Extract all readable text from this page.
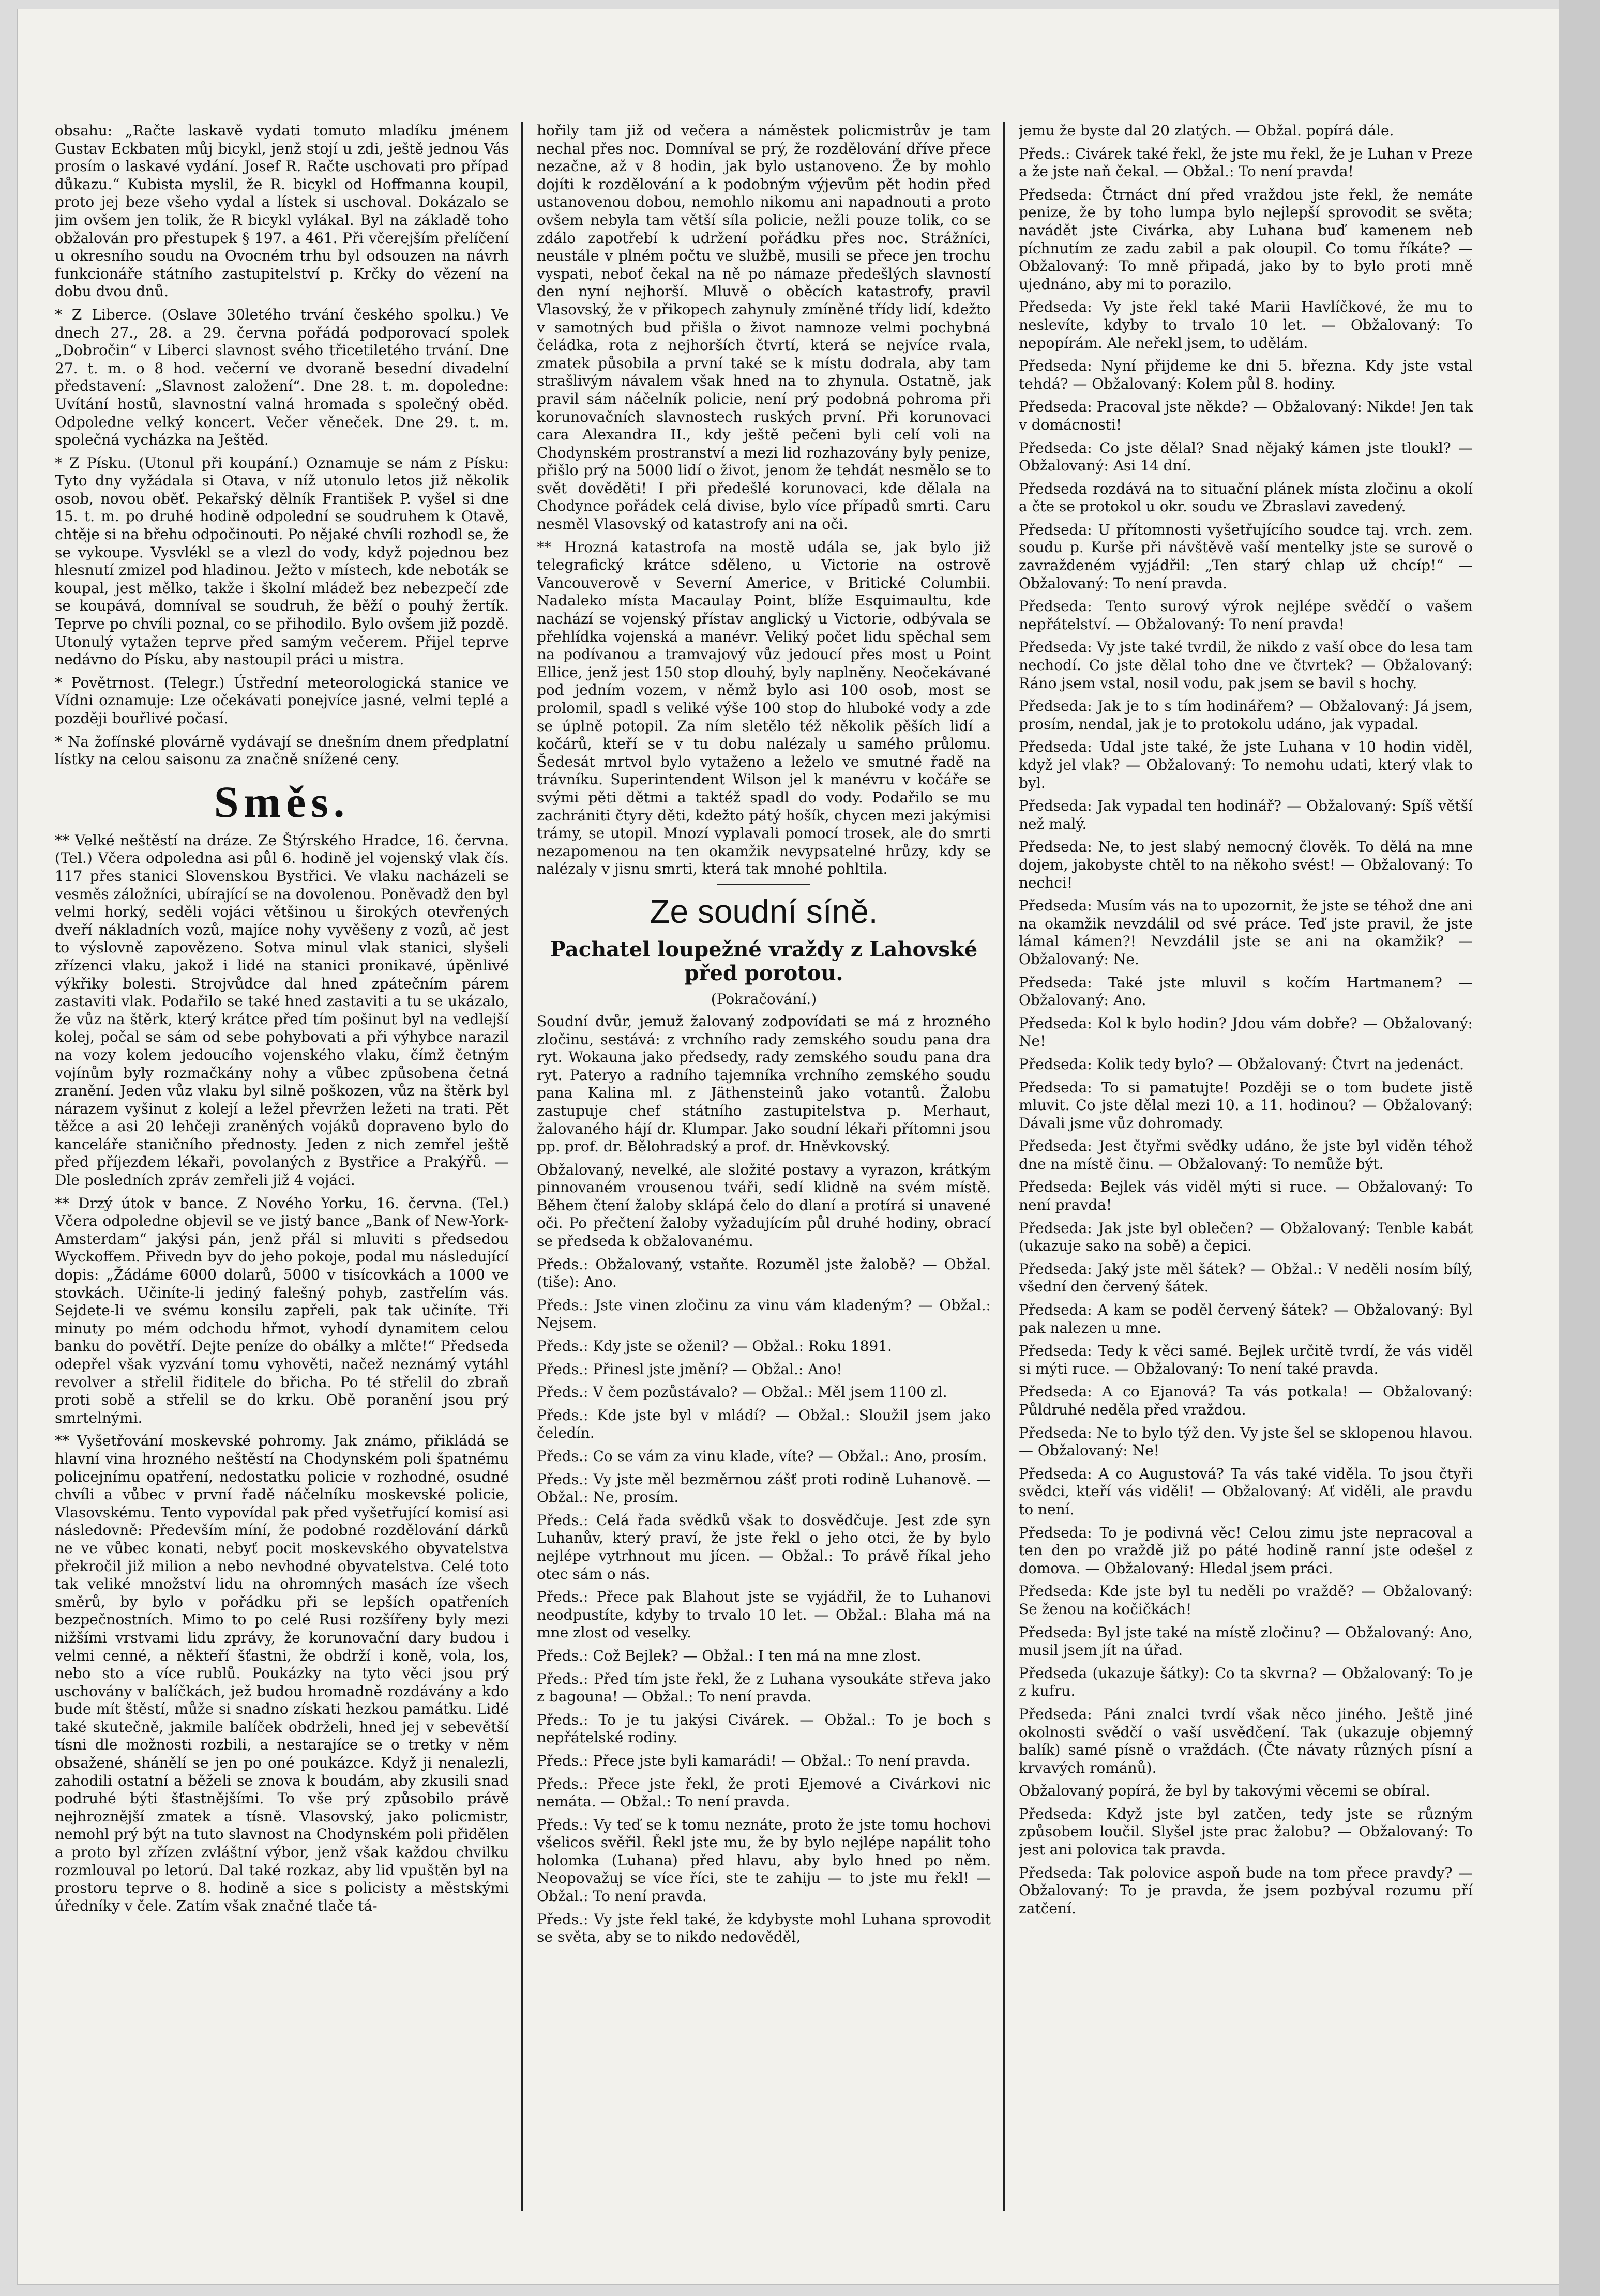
obsahu: „Račte laskavě vydati tomuto mladíku jménem Gustav Eckbaten můj bicykl, jenž stojí u zdi, ještě jednou Vás prosím o laskavé vydání. Josef R. Račte uschovati pro případ důkazu.“ Kubista myslil, že R. bicykl od Hoffmanna koupil, proto jej beze všeho vydal a lístek si uschoval. Dokázalo se jim ovšem jen tolik, že R bicykl vylákal. Byl na základě toho obžalován pro přestupek § 197. a 461. Při včerejším přelíčení u okresního soudu na Ovocném trhu byl odsouzen na návrh funkcionáře státního zastupitelství p. Krčky do vězení na dobu dvou dnů.

* Z Liberce. (Oslave 30letého trvání českého spolku.) Ve dnech 27., 28. a 29. června pořádá podporovací spolek „Dobročin“ v Liberci slavnost svého třicetiletého trvání. Dne 27. t. m. o 8 hod. večerní ve dvoraně besední divadelní představení: „Slavnost založení“. Dne 28. t. m. dopoledne: Uvítání hostů, slavnostní valná hromada s společný oběd. Odpoledne velký koncert. Večer věneček. Dne 29. t. m. společná vycházka na Ještěd.

* Z Písku. (Utonul při koupání.) Oznamuje se nám z Písku: Tyto dny vyžádala si Otava, v níž utonulo letos již několik osob, novou oběť. Pekařský dělník František P. vyšel si dne 15. t. m. po druhé hodině odpolední se soudruhem k Otavě, chtěje si na břehu odpočinouti. Po nějaké chvíli rozhodl se, že se vykoupe. Vysvlékl se a vlezl do vody, když pojednou bez hlesnutí zmizel pod hladinou. Ježto v místech, kde neboták se koupal, jest mělko, takže i školní mládež bez nebezpečí zde se koupává, domníval se soudruh, že běží o pouhý žertík. Teprve po chvíli poznal, co se přihodilo. Bylo ovšem již pozdě. Utonulý vytažen teprve před samým večerem. Přijel teprve nedávno do Písku, aby nastoupil práci u mistra.

* Povětrnost. (Telegr.) Ústřední meteorologická stanice ve Vídni oznamuje: Lze očekávati ponejvíce jasné, velmi teplé a později bouřlivé počasí.

* Na žofínské plovárně vydávají se dnešním dnem předplatní lístky na celou saisonu za značně snížené ceny.

Směs.

** Velké neštěstí na dráze. Ze Štýrského Hradce, 16. června. (Tel.) Včera odpoledna asi půl 6. hodině jel vojenský vlak čís. 117 přes stanici Slovenskou Bystřici. Ve vlaku nacházeli se vesměs záložníci, ubírající se na dovolenou. Poněvadž den byl velmi horký, seděli vojáci většinou u širokých otevřených dveří nákladních vozů, majíce nohy vyvěšeny z vozů, ač jest to výslovně zapovězeno. Sotva minul vlak stanici, slyšeli zřízenci vlaku, jakož i lidé na stanici pronikavé, úpěnlivé výkřiky bolesti. Strojvůdce dal hned zpátečním párem zastaviti vlak. Podařilo se také hned zastaviti a tu se ukázalo, že vůz na štěrk, který krátce před tím pošinut byl na vedlejší kolej, počal se sám od sebe pohybovati a při výhybce narazil na vozy kolem jedoucího vojenského vlaku, čímž četným vojínům byly rozmačkány nohy a vůbec způsobena četná zranění. Jeden vůz vlaku byl silně poškozen, vůz na štěrk byl nárazem vyšinut z kolejí a ležel převržen ležeti na trati. Pět těžce a asi 20 lehčeji zraněných vojáků dopraveno bylo do kanceláře staničního přednosty. Jeden z nich zemřel ještě před příjezdem lékaři, povolaných z Bystřice a Prakýřů. — Dle posledních zpráv zemřeli již 4 vojáci.

** Drzý útok v bance. Z Nového Yorku, 16. června. (Tel.) Včera odpoledne objevil se ve jistý bance „Bank of New-York-Amsterdam“ jakýsi pán, jenž přál si mluviti s předsedou Wyckoffem. Přivedn byv do jeho pokoje, podal mu následující dopis: „Žádáme 6000 dolarů, 5000 v tisícovkách a 1000 ve stovkách. Učiníte-li jediný falešný pohyb, zastřelím vás. Sejdete-li ve svému konsilu zapřeli, pak tak učiníte. Tři minuty po mém odchodu hřmot, vyhodí dynamitem celou banku do povětří. Dejte peníze do obálky a mlčte!“ Předseda odepřel však vyzvání tomu vyhověti, načež neznámý vytáhl revolver a střelil řiditele do břicha. Po té střelil do zbraň proti sobě a střelil se do krku. Obě poranění jsou prý smrtelnými.

** Vyšetřování moskevské pohromy. Jak známo, přikládá se hlavní vina hrozného neštěstí na Chodynském poli špatnému policejnímu opatření, nedostatku policie v rozhodné, osudné chvíli a vůbec v první řadě náčelníku moskevské policie, Vlasovskému. Tento vypovídal pak před vyšetřující komisí asi následovně: Především míní, že podobné rozdělování dárků ne ve vůbec konati, nebyť pocit moskevského obyvatelstva překročil již milion a nebo nevhodné obyvatelstva. Celé toto tak veliké množství lidu na ohromných masách íze všech směrů, by bylo v pořádku při se lepších opatřeních bezpečnostních. Mimo to po celé Rusi rozšířeny byly mezi nižšími vrstvami lidu zprávy, že korunovační dary budou i velmi cenné, a někteří šťastni, že obdrží i koně, vola, los, nebo sto a více rublů. Poukázky na tyto věci jsou prý uschovány v balíčkách, jež budou hromadně rozdávány a kdo bude mít štěstí, může si snadno získati hezkou památku. Lidé také skutečně, jakmile balíček obdrželi, hned jej v sebevětší tísni dle možnosti rozbili, a nestarajíce se o tretky v něm obsažené, shánělí se jen po oné poukázce. Když ji nenalezli, zahodili ostatní a běželi se znova k boudám, aby zkusili snad podruhé býti šťastnějšími. To vše prý způsobilo právě nejhroznější zmatek a tísně. Vlasovský, jako policmistr, nemohl prý být na tuto slavnost na Chodynském poli přidělen a proto byl zřízen zvláštní výbor, jenž však každou chvilku rozmlouval po letorú. Dal také rozkaz, aby lid vpuštěn byl na prostoru teprve o 8. hodině a sice s policisty a městskými úředníky v čele. Zatím však značné tlače tá-

hořily tam již od večera a náměstek policmistrův je tam nechal přes noc. Domníval se prý, že rozdělování dříve přece nezačne, až v 8 hodin, jak bylo ustanoveno. Že by mohlo dojíti k rozdělování a k podobným výjevům pět hodin před ustanovenou dobou, nemohlo nikomu ani napadnouti a proto ovšem nebyla tam větší síla policie, nežli pouze tolik, co se zdálo zapotřebí k udržení pořádku přes noc. Strážníci, neustále v plném počtu ve službě, musili se přece jen trochu vyspati, neboť čekal na ně po námaze předešlých slavností den nyní nejhorší. Mluvě o oběcích katastrofy, pravil Vlasovský, že v přikopech zahynuly zmíněné třídy lidí, kdežto v samotných bud přišla o život namnoze velmi pochybná čeládka, rota z nejhorších čtvrtí, která se nejvíce rvala, zmatek působila a první také se k místu dodrala, aby tam strašlivým návalem však hned na to zhynula. Ostatně, jak pravil sám náčelník policie, není prý podobná pohroma při korunovačních slavnostech ruských první. Při korunovaci cara Alexandra II., kdy ještě pečeni byli celí voli na Chodynském prostranství a mezi lid rozhazovány byly penize, přišlo prý na 5000 lidí o život, jenom že tehdát nesmělo se to svět dověděti! I při předešlé korunovaci, kde dělala na Chodynce pořádek celá divise, bylo více případů smrti. Caru nesměl Vlasovský od katastrofy ani na oči.

** Hrozná katastrofa na mostě udála se, jak bylo již telegrafický krátce sděleno, u Victorie na ostrově Vancouverově v Severní Americe, v Britické Columbii. Nadaleko místa Macaulay Point, blíže Esquimaultu, kde nachází se vojenský přístav anglický u Victorie, odbývala se přehlídka vojenská a manévr. Veliký počet lidu spěchal sem na podívanou a tramvajový vůz jedoucí přes most u Point Ellice, jenž jest 150 stop dlouhý, byly naplněny. Neočekávané pod jedním vozem, v němž bylo asi 100 osob, most se prolomil, spadl s veliké výše 100 stop do hluboké vody a zde se úplně potopil. Za ním sletělo též několik pěších lidí a kočárů, kteří se v tu dobu nalézaly u samého průlomu. Šedesát mrtvol bylo vytaženo a leželo ve smutné řadě na trávníku. Superintendent Wilson jel k manévru v kočáře se svými pěti dětmi a taktéž spadl do vody. Podařilo se mu zachrániti čtyry děti, kdežto pátý hošík, chycen mezi jakýmisi trámy, se utopil. Mnozí vyplavali pomocí trosek, ale do smrti nezapomenou na ten okamžik nevypsatelné hrůzy, kdy se nalézaly v jisnu smrti, která tak mnohé pohltila.

Ze soudní síně.
Pachatel loupežné vraždy z Lahovské před porotou.
(Pokračování.)

Soudní dvůr, jemuž žalovaný zodpovídati se má z hrozného zločinu, sestává: z vrchního rady zemského soudu pana dra ryt. Wokauna jako předsedy, rady zemského soudu pana dra ryt. Pateryo a radního tajemníka vrchního zemského soudu pana Kalina ml. z Jäthensteinů jako votantů. Žalobu zastupuje chef státního zastupitelstva p. Merhaut, žalovaného hájí dr. Klumpar. Jako soudní lékaři přítomni jsou pp. prof. dr. Bělohradský a prof. dr. Hněvkovský.

Obžalovaný, nevelké, ale složité postavy a vyrazon, krátkým pinnovaném vrousenou tváři, sedí klidně na svém místě. Během čtení žaloby sklápá čelo do dlaní a protírá si unavené oči. Po přečtení žaloby vyžadujícím půl druhé hodiny, obrací se předseda k obžalovanému.

Předs.: Obžalovaný, vstaňte. Rozuměl jste žalobě? — Obžal. (tiše): Ano.

Předs.: Jste vinen zločinu za vinu vám kladeným? — Obžal.: Nejsem.

Předs.: Kdy jste se oženil? — Obžal.: Roku 1891.

Předs.: Přinesl jste jmění? — Obžal.: Ano!

Předs.: V čem pozůstávalo? — Obžal.: Měl jsem 1100 zl.

Předs.: Kde jste byl v mládí? — Obžal.: Sloužil jsem jako čeledín.

Předs.: Co se vám za vinu klade, víte? — Obžal.: Ano, prosím.

Předs.: Vy jste měl bezměrnou zášť proti rodině Luhanově. — Obžal.: Ne, prosím.

Předs.: Celá řada svědků však to dosvědčuje. Jest zde syn Luhanův, který praví, že jste řekl o jeho otci, že by bylo nejlépe vytrhnout mu jícen. — Obžal.: To právě říkal jeho otec sám o nás.

Předs.: Přece pak Blahout jste se vyjádřil, že to Luhanovi neodpustíte, kdyby to trvalo 10 let. — Obžal.: Blaha má na mne zlost od veselky.

Předs.: Což Bejlek? — Obžal.: I ten má na mne zlost.

Předs.: Před tím jste řekl, že z Luhana vysoukáte střeva jako z bagouna! — Obžal.: To není pravda.

Předs.: To je tu jakýsi Civárek. — Obžal.: To je boch s nepřátelské rodiny.

Předs.: Přece jste byli kamarádi! — Obžal.: To není pravda.

Předs.: Přece jste řekl, že proti Ejemové a Civárkovi nic nemáta. — Obžal.: To není pravda.

Předs.: Vy teď se k tomu neznáte, proto že jste tomu hochovi všelicos svěřil. Řekl jste mu, že by bylo nejlépe napálit toho holomka (Luhana) před hlavu, aby bylo hned po něm. Neopovažuj se více říci, ste te zahiju — to jste mu řekl! — Obžal.: To není pravda.

Předs.: Vy jste řekl také, že kdybyste mohl Luhana sprovodit se světa, aby se to nikdo nedověděl,

jemu že byste dal 20 zlatých. — Obžal. popírá dále.

Předs.: Civárek také řekl, že jste mu řekl, že je Luhan v Preze a že jste naň čekal. — Obžal.: To není pravda!

Předseda: Čtrnáct dní před vraždou jste řekl, že nemáte penize, že by toho lumpa bylo nejlepší sprovodit se světa; navádět jste Civárka, aby Luhana buď kamenem neb píchnutím ze zadu zabil a pak oloupil. Co tomu říkáte? — Obžalovaný: To mně připadá, jako by to bylo proti mně ujednáno, aby mi to porazilo.

Předseda: Vy jste řekl také Marii Havlíčkové, že mu to neslevíte, kdyby to trvalo 10 let. — Obžalovaný: To nepopírám. Ale neřekl jsem, to udělám.

Předseda: Nyní přijdeme ke dni 5. března. Kdy jste vstal tehdá? — Obžalovaný: Kolem půl 8. hodiny.

Předseda: Pracoval jste někde? — Obžalovaný: Nikde! Jen tak v domácnosti!

Předseda: Co jste dělal? Snad nějaký kámen jste tloukl? — Obžalovaný: Asi 14 dní.

Předseda rozdává na to situační plánek místa zločinu a okolí a čte se protokol u okr. soudu ve Zbraslavi zavedený.

Předseda: U přítomnosti vyšetřujícího soudce taj. vrch. zem. soudu p. Kurše při návštěvě vaší mentelky jste se surově o zavraždeném vyjádřil: „Ten starý chlap už chcíp!“ — Obžalovaný: To není pravda.

Předseda: Tento surový výrok nejlépe svědčí o vašem nepřátelství. — Obžalovaný: To není pravda!

Předseda: Vy jste také tvrdil, že nikdo z vaší obce do lesa tam nechodí. Co jste dělal toho dne ve čtvrtek? — Obžalovaný: Ráno jsem vstal, nosil vodu, pak jsem se bavil s hochy.

Předseda: Jak je to s tím hodinářem? — Obžalovaný: Já jsem, prosím, nendal, jak je to protokolu udáno, jak vypadal.

Předseda: Udal jste také, že jste Luhana v 10 hodin viděl, když jel vlak? — Obžalovaný: To nemohu udati, který vlak to byl.

Předseda: Jak vypadal ten hodinář? — Obžalovaný: Spíš větší než malý.

Předseda: Ne, to jest slabý nemocný člověk. To dělá na mne dojem, jakobyste chtěl to na někoho svést! — Obžalovaný: To nechci!

Předseda: Musím vás na to upozornit, že jste se téhož dne ani na okamžik nevzdálil od své práce. Teď jste pravil, že jste lámal kámen?! Nevzdálil jste se ani na okamžik? — Obžalovaný: Ne.

Předseda: Také jste mluvil s kočím Hartmanem? — Obžalovaný: Ano.

Předseda: Kol k bylo hodin? Jdou vám dobře? — Obžalovaný: Ne!

Předseda: Kolik tedy bylo? — Obžalovaný: Čtvrt na jedenáct.

Předseda: To si pamatujte! Později se o tom budete jistě mluvit. Co jste dělal mezi 10. a 11. hodinou? — Obžalovaný: Dávali jsme vůz dohromady.

Předseda: Jest čtyřmi svědky udáno, že jste byl viděn téhož dne na místě činu. — Obžalovaný: To nemůže být.

Předseda: Bejlek vás viděl mýti si ruce. — Obžalovaný: To není pravda!

Předseda: Jak jste byl oblečen? — Obžalovaný: Tenble kabát (ukazuje sako na sobě) a čepici.

Předseda: Jaký jste měl šátek? — Obžal.: V neděli nosím bílý, všední den červený šátek.

Předseda: A kam se poděl červený šátek? — Obžalovaný: Byl pak nalezen u mne.

Předseda: Tedy k věci samé. Bejlek určitě tvrdí, že vás viděl si mýti ruce. — Obžalovaný: To není také pravda.

Předseda: A co Ejanová? Ta vás potkala! — Obžalovaný: Půldruhé neděla před vraždou.

Předseda: Ne to bylo týž den. Vy jste šel se sklopenou hlavou. — Obžalovaný: Ne!

Předseda: A co Augustová? Ta vás také viděla. To jsou čtyři svědci, kteří vás viděli! — Obžalovaný: Ať viděli, ale pravdu to není.

Předseda: To je podivná věc! Celou zimu jste nepracoval a ten den po vraždě již po páté hodině ranní jste odešel z domova. — Obžalovaný: Hledal jsem práci.

Předseda: Kde jste byl tu neděli po vraždě? — Obžalovaný: Se ženou na kočičkách!

Předseda: Byl jste také na místě zločinu? — Obžalovaný: Ano, musil jsem jít na úřad.

Předseda (ukazuje šátky): Co ta skvrna? — Obžalovaný: To je z kufru.

Předseda: Páni znalci tvrdí však něco jiného. Ještě jiné okolnosti svědčí o vaší usvědčení. Tak (ukazuje objemný balík) samé písně o vraždách. (Čte návaty různých písní a krvavých románů).

Obžalovaný popírá, že byl by takovými věcemi se obíral.

Předseda: Když jste byl zatčen, tedy jste se různým způsobem loučil. Slyšel jste prac žalobu? — Obžalovaný: To jest ani polovica tak pravda.

Předseda: Tak polovice aspoň bude na tom přece pravdy? — Obžalovaný: To je pravda, že jsem pozbýval rozumu pří zatčení.
